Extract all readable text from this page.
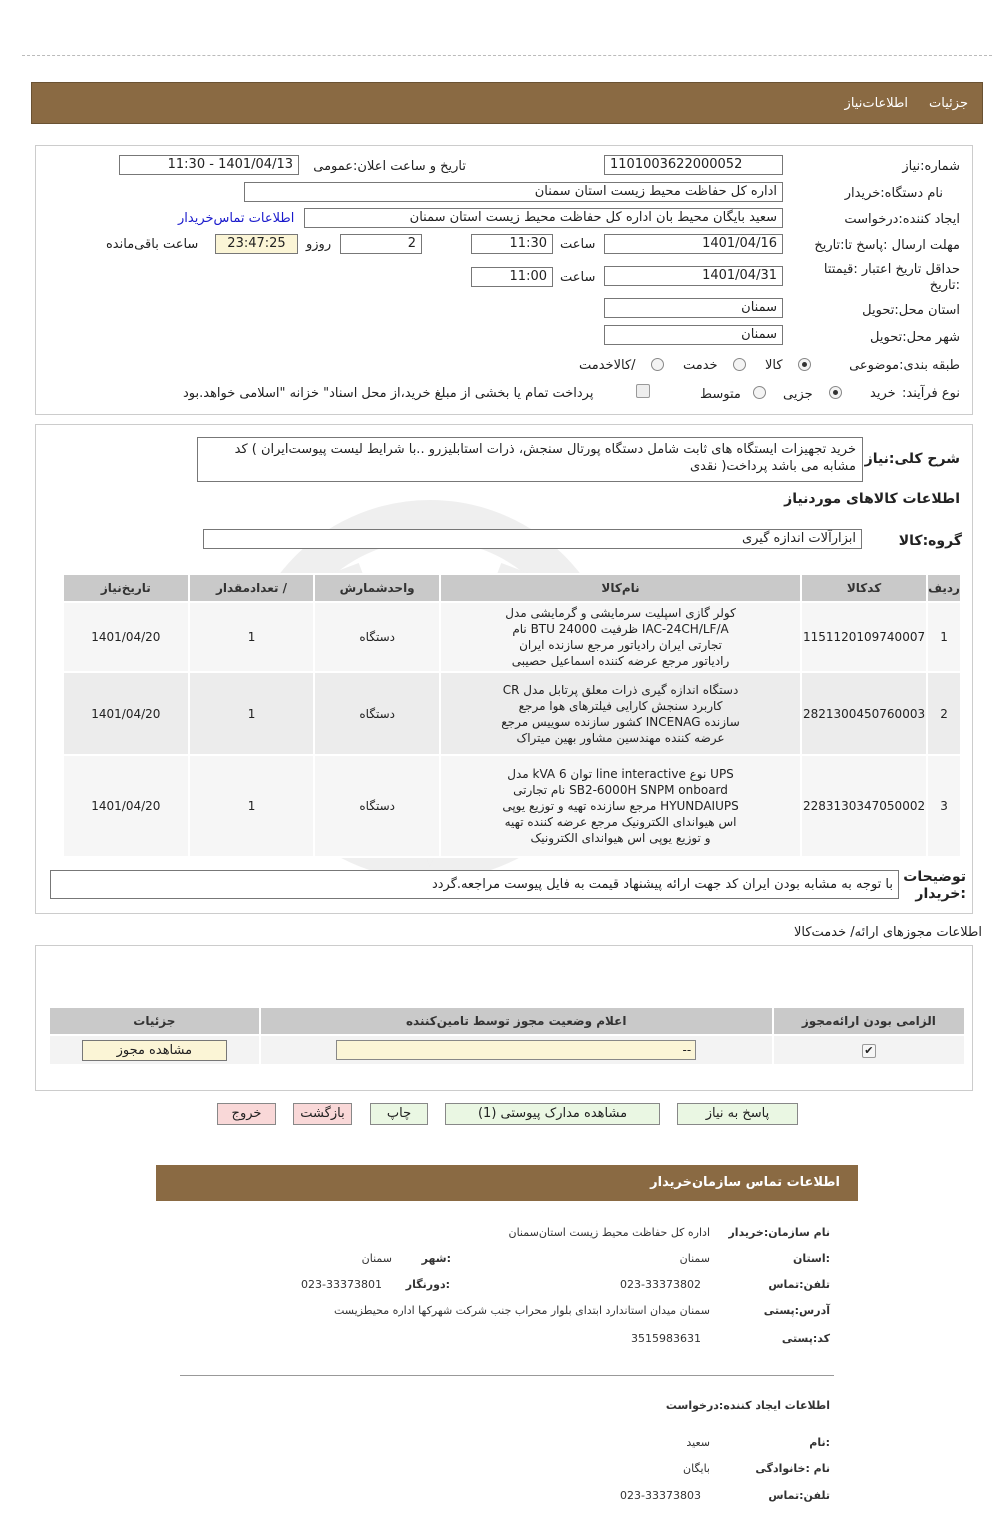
جزئیات
اطلاعات‌نیاز
شماره:نیاز
1101003622000052
تاریخ و ساعت اعلان:عمومی
1401/04/13 - 11:30
نام دستگاه:خریدار
اداره کل حفاظت محیط زیست استان سمنان
ایجاد کننده:درخواست
سعید بایگان محیط بان اداره کل حفاظت محیط زیست استان سمنان
اطلاعات تماس‌خریدار
مهلت ارسال :پاسخ تا:تاریخ
1401/04/16
ساعت
11:30
2
روزو
23:47:25
ساعت باقی‌مانده
حداقل تاریخ اعتبار :قیمتتا
:تاریخ
1401/04/31
ساعت
11:00
استان محل:تحویل
سمنان
شهر محل:تحویل
سمنان
طبقه بندی:موضوعی
کالا
خدمت
/کالاخدمت
نوع فرآیند:
خرید
جزیی
متوسط
پرداخت تمام یا بخشی از مبلغ خرید،از محل اسناد" خزانه "اسلامی خواهد.بود
شرح کلی:نیاز
خرید تجهیزات ایستگاه های ثابت شامل دستگاه پورتال سنجش، ذرات استابلیزرو ..با شرایط لیست پیوست‌ایران ) کد مشابه می باشد پرداخت( نقدی
اطلاعات کالاهای موردنیاز
گروه:کالا
ابزارآلات اندازه گیری
ردیف	کدکالا	نام‌کالا	واحدشمارش	/ تعدادمقدار	تاریخ‌نیاز
1	1151120109740007	کولر گازی اسپلیت سرمایشی و گرمایشی مدل IAC-24CH/LF/A ظرفیت 24000 BTU نام تجارتی ایران رادیاتور مرجع سازنده ایران رادیاتور مرجع عرضه کننده اسماعیل حصیبی	دستگاه	1	1401/04/20
2	2821300450760003	دستگاه اندازه گیری ذرات معلق پرتابل مدل CR کاربرد سنجش کارایی فیلترهای هوا مرجع سازنده INCENAG کشور سازنده سوییس مرجع عرضه کننده مهندسین مشاور بهین میتراک	دستگاه	1	1401/04/20
3	2283130347050002	UPS نوع line interactive توان 6 kVA مدل SB2-6000H SNPM onboard نام تجارتی HYUNDAIUPS مرجع سازنده تهیه و توزیع یوپی اس هیواندای الکترونیک مرجع عرضه کننده تهیه و توزیع یوپی اس هیواندای الکترونیک	دستگاه	1	1401/04/20
توضیحات
:خریدار
با توجه به مشابه بودن ایران کد جهت ارائه پیشنهاد قیمت به فایل پیوست مراجعه.گردد
اطلاعات مجوزهای ارائه/ خدمت‌کالا
الزامی بودن ارائه‌مجوز	اعلام وضعیت مجوز توسط تامین‌کننده	جزئیات
✔	--	مشاهده مجوز
پاسخ به نیاز
مشاهده مدارک پیوستی (1)
چاپ
بازگشت
خروج
اطلاعات تماس سازمان‌خریدار
نام سازمان:خریدار
اداره کل حفاظت محیط زیست استان‌سمنان
:استان
سمنان
:شهر
سمنان
تلفن:تماس
023-33373802
:دورنگار
023-33373801
آدرس:پستی
سمنان میدان استاندارد ابتدای بلوار محراب جنب شرکت شهرکها اداره محیطزیست
کد:پستی
3515983631
اطلاعات ایجاد کننده:درخواست
:نام
سعید
نام :خانوادگی
بایگان
تلفن:تماس
023-33373803
